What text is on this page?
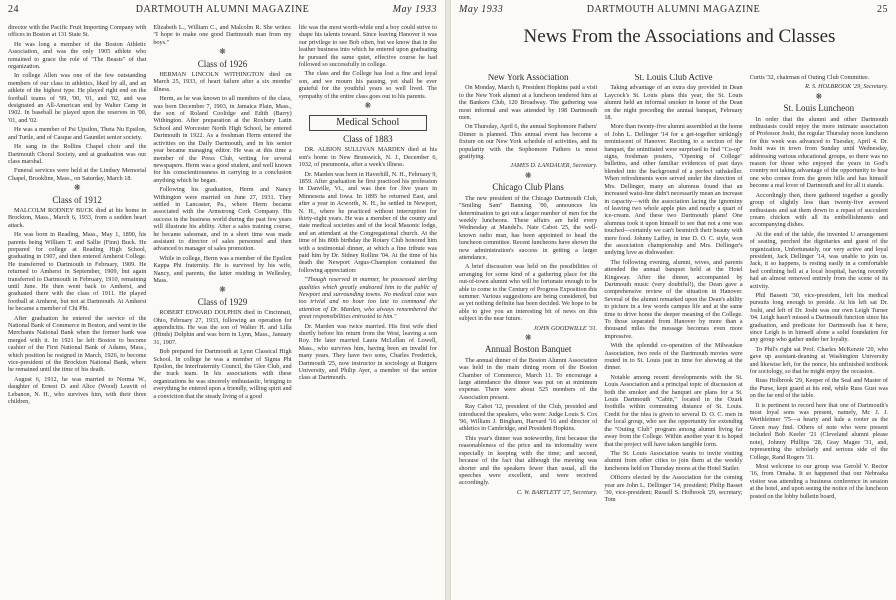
24	DARTMOUTH ALUMNI MAGAZINE	May 1933

director with the Pacific Fruit Importing Company with offices in Boston at 131 State St.

He was long a member of the Boston Athletic Association, and was the only 1905 athlete who remained to grace the role of "The Beasts" of that organization.

In college Allen was one of the few outstanding members of our class in athletics, liked by all, and an athlete of the highest type. He played right end on the football teams of '99, '00, '01, and '02, and was designated an All-American end by Walter Camp in 1902. In baseball he played upon the reserves in '00, '01, and '02.

He was a member of Psi Upsilon, Theta Nu Epsilon, and Turtle, and of Casque and Gauntlet senior society.

He sang in the Rollins Chapel choir and the Dartmouth Choral Society, and at graduation was our class marshal.

Funeral services were held at the Lindsey Memorial Chapel, Brookline, Mass., on Saturday, March 18.

❋
Class of 1912

MALCOLM RODNEY BUCK died at his home in Brockton, Mass., March 6, 1933, from a sudden heart attack.

He was born in Reading, Mass., May 1, 1890, his parents being William T. and Sallie (Finn) Buck. He prepared for college at Reading High School, graduating in 1907, and then entered Amherst College. He transferred to Dartmouth in February, 1909. He returned to Amherst in September, 1909, but again transferred to Dartmouth in February, 1910, remaining until June. He then went back to Amherst, and graduated there with the class of 1911. He played football at Amherst, but not at Dartmouth. At Amherst he became a member of Chi Phi.

After graduation he entered the service of the National Bank of Commerce in Boston, and went to the Merchants National Bank when the former bank was merged with it. In 1921 he left Boston to become cashier of the First National Bank of Adams, Mass., which position he resigned in March, 1926, to become vice-president of the Brockton National Bank, where he remained until the time of his death.

August 6, 1912, he was married to Norma W., daughter of Ernest D. and Alice (Wood) Leavitt of Lebanon, N. H., who survives him, with their three children,

Elizabeth L., William C., and Malcolm R. She writes: "I hope to make one good Dartmouth man from my boys."

❋
Class of 1926

HERMAN LINCOLN WITHINGTON died on March 25, 1933, of heart failure after a six months' illness.

Herm, as he was known to all members of the class, was born December 7, 1903, in Jamaica Plain, Mass., the son of Roland Coolidge and Edith (Barry) Withington. After preparation at the Roxbury Latin School and Worcester North High School, he entered Dartmouth in 1922. As a freshman Herm entered the activities on the Daily Dartmouth, and in his senior year became managing editor. He was at this time a member of the Press Club, writing for several newspapers. Herm was a good student, and well known for his conscientiousness in carrying to a conclusion anything which he began.

Following his graduation, Herm and Nancy Withington were married on June 27, 1931. They settled in Lancaster, Pa., where Herm became associated with the Armstrong Cork Company. His success in the business world during the past few years will illustrate his ability. After a sales training course, he became salesman, and in a short time was made assistant to director of sales personnel and then advanced to manager of sales promotion.

While in college, Herm was a member of the Epsilon Kappa Phi fraternity. He is survived by his wife, Nancy, and parents, the latter residing in Wellesley, Mass.

❋
Class of 1929

ROBERT EDWARD DOLPHIN died in Cincinnati, Ohio, February 27, 1933, following an operation for appendicitis. He was the son of Walter H. and Lilla (Hinds) Dolphin and was born in Lynn, Mass., January 31, 1907.

Bob prepared for Dartmouth at Lynn Classical High School. In college he was a member of Sigma Phi Epsilon, the Interfraternity Council, the Glee Club, and the track team. In his associations with these organizations he was sincerely enthusiastic, bringing to everything he entered upon a friendly, willing spirit and a conviction that the steady living of a good

life was the most worth-while end a boy could strive to shape his talents toward. Since leaving Hanover it was our privilege to see Bob often, but we know that in the leather business into which he entered upon graduating he pursued the same quiet, effective course he had followed so successfully in college.

The class and the College has lost a fine and loyal son, and we mourn his passing, yet shall be ever grateful for the youthful years so well lived. The sympathy of the entire class goes out to his parents.

❋
Medical School
Class of 1883

DR. ALBION SULLIVAN MARDEN died at his son's home in New Brunswick, N. J., December 6, 1932, of pneumonia, after a week's illness.

Dr. Marden was born in Haverhill, N. H., February 9, 1859. After graduation he first practiced his profession in Danville, Vt., and was then for five years in Minnesota and Iowa. In 1895 he returned East, and after a year in Acworth, N. H., he settled in Newport, N. H., where he practiced without interruption for thirty-eight years. He was a member of the county and state medical societies and of the local Masonic lodge, and an attendant at the Congregational church. At the time of his 80th birthday the Rotary Club honored him with a testimonial dinner, at which a fine tribute was paid him by Dr. Sidney Rollins '04. At the time of his death the Newport Argus-Champion contained the following appreciation:

"Though reserved in manner, he possessed sterling qualities which greatly endeared him to the public of Newport and surrounding towns. No medical case was too trivial and no hour too late to command the attention of Dr. Marden, who always remembered the great responsibilities entrusted to him."

Dr. Marden was twice married. His first wife died shortly before his return from the West, leaving a son Roy. He later married Laura McLellan of Lowell, Mass., who survives him, having been an invalid for many years. They have two sons, Charles Frederick, Dartmouth '25, now instructor in sociology at Rutgers University, and Philip Ayer, a member of the senior class at Dartmouth.

May 1933	DARTMOUTH ALUMNI MAGAZINE	25
News From the Associations and Classes
New York Association

On Monday, March 6, President Hopkins paid a visit to the New York alumni at a luncheon tendered him at the Bankers Club, 120 Broadway. The gathering was most informal and was attended by 198 Dartmouth men.

On Thursday, April 6, the annual Sophomore Fathers' Dinner is planned. This annual event has become a fixture on our New York schedule of activities, and its popularity with the Sophomore Fathers is most gratifying.

JAMES D. LANDAUER, Secretary.

❋
Chicago Club Plans

The new president of the Chicago Dartmouth Club, "Smiling Sam" Banning '00, announces his determination to get out a larger number of men for the weekly luncheons. These affairs are held every Wednesday at Mandel's. Nate Cabot '25, the well-known radio man, has been appointed to head the luncheon committee. Recent luncheons have shown the new administration's success in getting a larger attendance.

A brief discussion was held on the possibilities of arranging for some kind of a gathering place for the out-of-town alumni who will be fortunate enough to be able to come to the Century of Progress Exposition this summer. Various suggestions are being considered, but as yet nothing definite has been decided. We hope to be able to give you an interesting bit of news on this subject in the near future.

JOHN GOODWILLE '31.

❋
Annual Boston Banquet

The annual dinner of the Boston Alumni Association was held in the main dining room of the Boston Chamber of Commerce, March 11. To encourage a large attendance the dinner was put on at minimum expense. There were about 525 members of the Association present.

Ray Cabot '12, president of the Club, presided and introduced the speakers, who were: Judge Louis S. Cox '96, William J. Bingham, Harvard '16 and director of athletics in Cambridge, and President Hopkins.

This year's dinner was noteworthy, first because the reasonableness of the price and its informality were especially in keeping with the time; and second, because of the fact that although the meeting was shorter and the speakers fewer than usual, all the speeches were excellent, and were received accordingly.

C. W. BARTLETT '27, Secretary.

St. Louis Club Active

Taking advantage of an extra day provided in Dean Laycock's St. Louis plans this year, the St. Louis alumni held an informal smoker in honor of the Dean on the night preceding the annual banquet, February 18.

More than twenty-five alumni assembled at the home of John L. Dellinger '14 for a get-together strikingly reminiscent of Hanover. Reciting to a section of the banquet, the uninitiated were surprised to find "Co-op" signs, freshman posters, "Opening of College" bulletins, and other familiar evidences of past days blended into the background of a perfect rathskeller. When refreshments were served under the direction of Mrs. Dellinger, many an alumnus found that an increased waist-line didn't necessarily mean an increase in capacity—with the association lacing the ignominy of leaving two whole apple pies and nearly a quart of ice-cream. And these two Dartmouth plans! One alumnus took it upon himself to see that not a one was touched—certainly we can't besmirch their beauty with mere food. Johnny Laffey, in true D. O. C. style, won the association championship and Mrs. Dellinger's undying love as dishwasher.

The following evening, alumni, wives, and parents attended the annual banquet held at the Hotel Kingsway. After the dinner, accompanied by Dartmouth music (very doubtful!), the Dean gave a comprehensive review of the situation in Hanover. Several of the alumni remarked upon the Dean's ability to picture in a few words campus life and at the same time to drive home the deeper meaning of the College. To those separated from Hanover by more than a thousand miles the message becomes even more impressive.

With the splendid co-operation of the Milwaukee Association, two reels of the Dartmouth movies were routed in to St. Louis just in time for showing at the dinner.

Notable among recent developments with the St. Louis Association and a principal topic of discussion at both the smoker and the banquet are plans for a St. Louis Dartmouth "Cabin," located in the Ozark foothills within commuting distance of St. Louis. Credit for the idea is given to several D. O. C. men in the local group, who see the opportunity for extending the "Outing Club" program among alumni living far away from the College. Within another year it is hoped that the project will have taken tangible form.

The St. Louis Association wants to invite visiting alumni from other cities to join them at the weekly luncheons held on Thursday noons at the Hotel Statler.

Officers elected by the Association for the coming year are John L. Dellinger '14, president; Philip Basset '30, vice-president; Russell S. Holbrook '29, secretary; Tom

Curtis '32, chairman of Outing Club Committee.

R. S. HOLBROOK '29, Secretary.

❋
St. Louis Luncheon

In order that the alumni and other Dartmouth enthusiasts could enjoy the more intimate association of Professor Joshi, the regular Thursday noon luncheon for this week was advanced to Tuesday, April 4. Dr. Joshi was in town from Sunday until Wednesday, addressing various educational groups, so there was no reason for those who enjoyed the years in God's country not taking advantage of the opportunity to hear one who comes from the green hills and has himself become a real lover of Dartmouth and for all it stands.

Accordingly then, there gathered together a goodly group of slightly less than twenty-five avowed enthusiasts and sat them down to a repast of succulent cream chicken with all its embellishments and accompanying dishes.

At the end of the table, the invented U arrangement of seating, perched the dignitaries and guest of the organization, Unfortunately, our very active and loyal president, Jack Dellinger '14, was unable to join us. Jack, it so happens, is resting easily in a comfortable bed confining hell at a local hospital, having recently had an almost removed entirely from the scene of its activity.

Phil Bassett '30, vice-president, left his medical pursuits long enough to preside. At his left sat Dr. Joshi, and left of Dr. Joshi was our own Leigh Turner '04. Leigh hasn't missed a Dartmouth function since his graduation, and predicate for Dartmouth has it here, since Leigh is in himself alone a solid foundation for any group who gather under her loyalty.

To Phil's right sat Prof. Charles McKenzie '20, who gave up assistant-deaning at Washington University and likewise left, for the nonce, his unfinished textbook for sociology, so that he might enjoy the occasion.

Russ Holbrook '29, Keeper of the Seal and Master of the Purse, kept guard at his end, while Russ Gust was on the far end of the table.

It is pertinent to record here that one of Dartmouth's most loyal sons was present, namely, Mr. J. J. Werthleimer '75—a hearty and hale a rooter as the Green may find. Others of note who were present included Bob Keeler '21 (Cleveland alumni please note), Johnny Phillips '28, Gray Magee '31, and, representing the scholarly and serious side of the College, Rand Rogers '31.

Most welcome to our group was Gerold V. Rector '16, from Omaha. It so happened that our Nebraska visitor was attending a business conference in session at the hotel, and upon seeing the notice of the luncheon posted on the lobby bulletin board,
